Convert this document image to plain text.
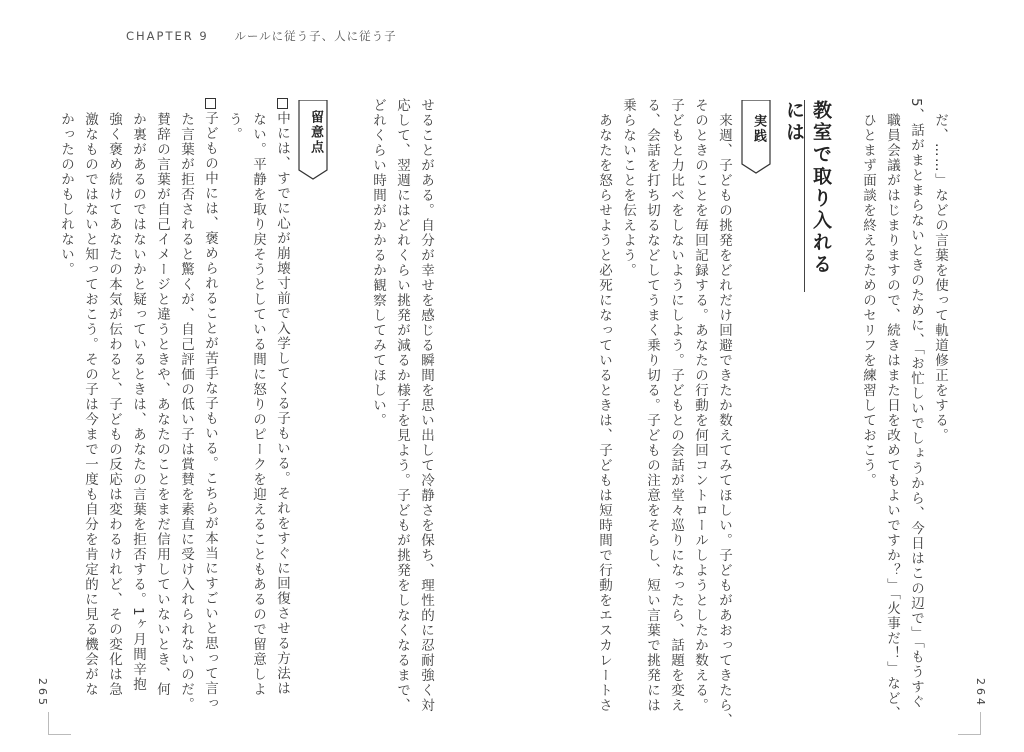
CHAPTER 9 ルールに従う子、人に従う子
　だ、……」などの言葉を使って軌道修正をする。
5、話がまとまらないときのために、「お忙しいでしょうから、今日はこの辺で」「もうすぐ
　職員会議がはじまりますので、続きはまた日を改めてもよいですか？」「火事だ！」など、
　ひとまず面談を終えるためのセリフを練習しておこう。
教室で取り入れるには
実践
　来週、子どもの挑発をどれだけ回避できたか数えてみてほしい。子どもがあおってきたら、
そのときのことを毎回記録する。あなたの行動を何回コントロールしようとしたか数える。
子どもと力比べをしないようにしよう。子どもとの会話が堂々巡りになったら、話題を変え
る、会話を打ち切るなどしてうまく乗り切る。子どもの注意をそらし、短い言葉で挑発には
乗らないことを伝えよう。
　あなたを怒らせようと必死になっているときは、子どもは短時間で行動をエスカレートさ	264
せることがある。自分が幸せを感じる瞬間を思い出して冷静さを保ち、理性的に忍耐強く対
応して、翌週にはどれくらい挑発が減るか様子を見よう。子どもが挑発をしなくなるまで、
どれくらい時間がかかるか観察してみてほしい。
留意点
中には、すでに心が崩壊寸前で入学してくる子もいる。それをすぐに回復させる方法は
ない。平静を取り戻そうとしている間に怒りのピークを迎えることもあるので留意しよ
う。
子どもの中には、褒められることが苦手な子もいる。こちらが本当にすごいと思って言っ
た言葉が拒否されると驚くが、自己評価の低い子は賞賛を素直に受け入れられないのだ。
賛辞の言葉が自己イメージと違うときや、あなたのことをまだ信用していないとき、何
か裏があるのではないかと疑っているときは、あなたの言葉を拒否する。1ヶ月間辛抱
強く褒め続けてあなたの本気が伝わると、子どもの反応は変わるけれど、その変化は急
激なものではないと知っておこう。その子は今まで一度も自分を肯定的に見る機会がな
かったのかもしれない。
265
